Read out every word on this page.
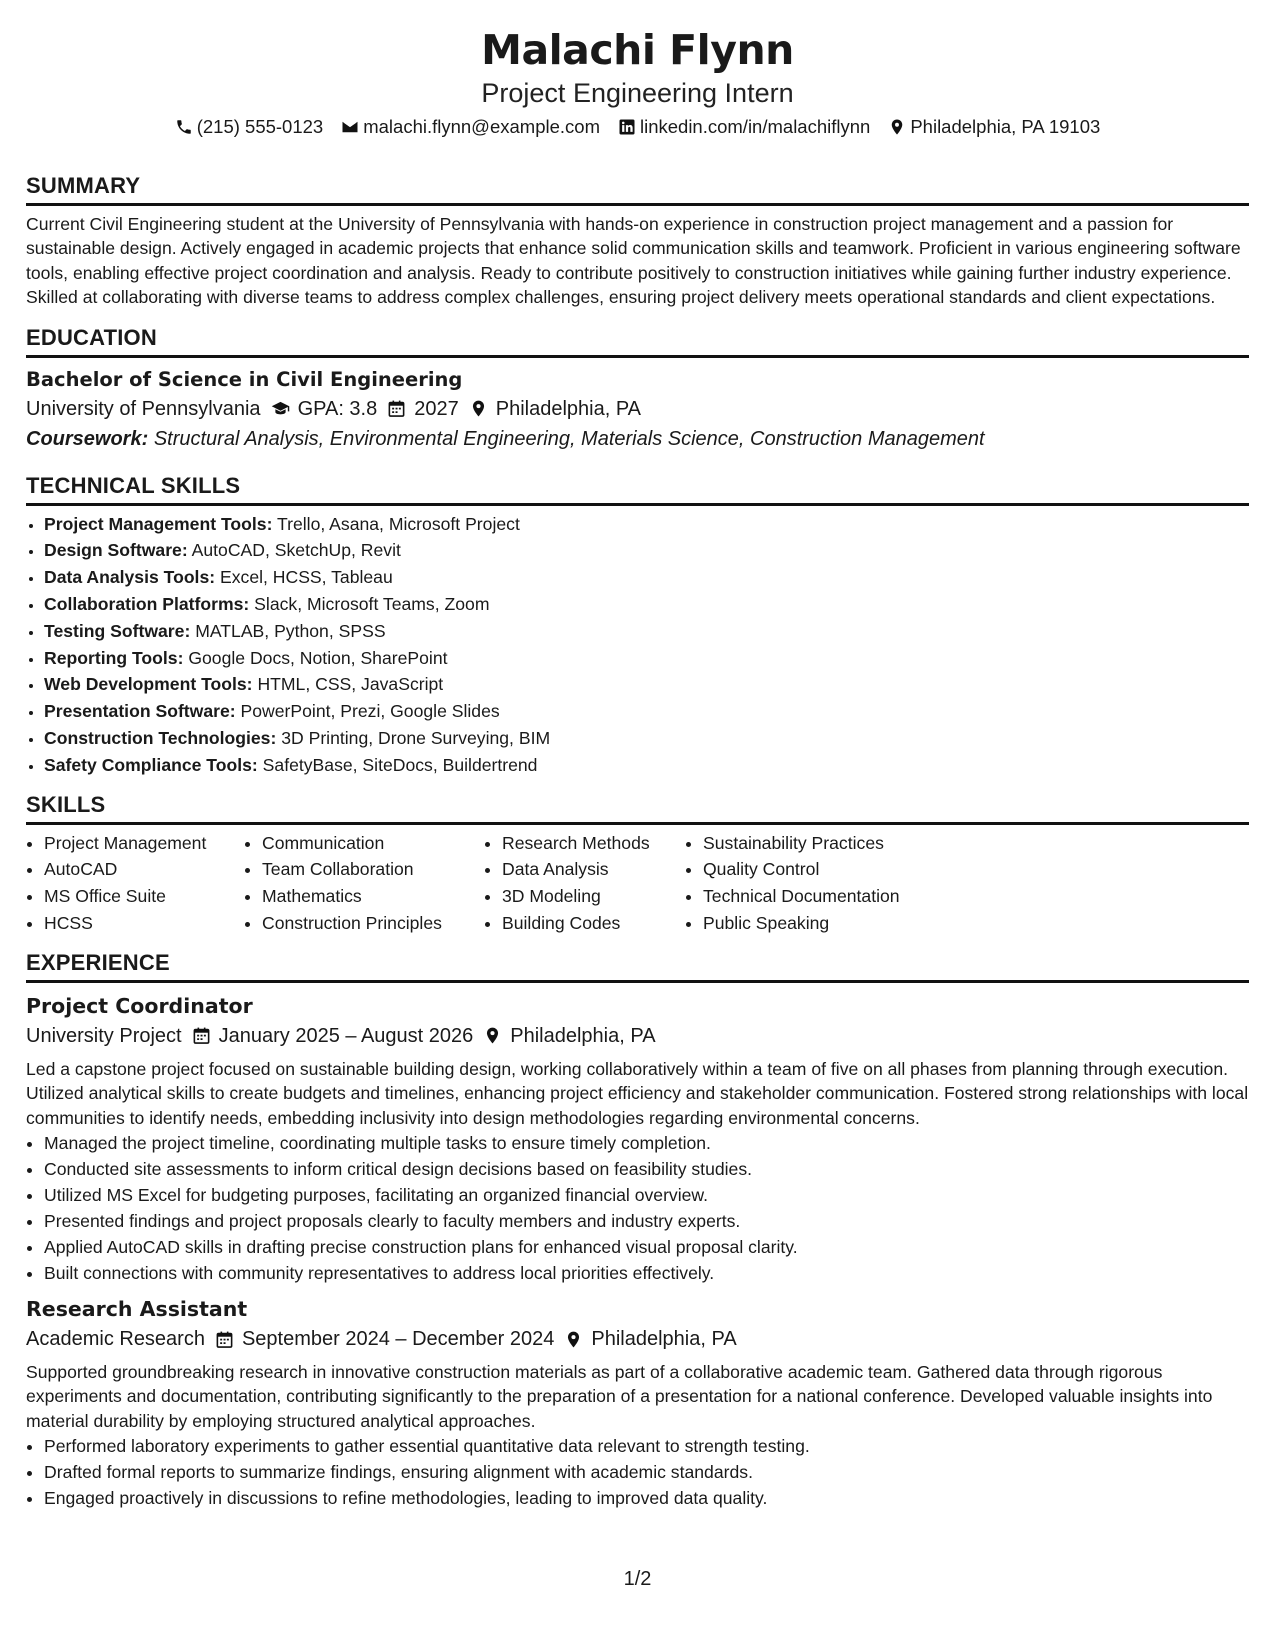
Malachi Flynn
Project Engineering Intern
(215) 555-0123 malachi.flynn@example.com linkedin.com/in/malachiflynn Philadelphia, PA 19103
SUMMARY
Current Civil Engineering student at the University of Pennsylvania with hands-on experience in construction project management and a passion for sustainable design. Actively engaged in academic projects that enhance solid communication skills and teamwork. Proficient in various engineering software tools, enabling effective project coordination and analysis. Ready to contribute positively to construction initiatives while gaining further industry experience. Skilled at collaborating with diverse teams to address complex challenges, ensuring project delivery meets operational standards and client expectations.
EDUCATION
Bachelor of Science in Civil Engineering
University of Pennsylvania GPA: 3.8 2027 Philadelphia, PA
Coursework: Structural Analysis, Environmental Engineering, Materials Science, Construction Management
TECHNICAL SKILLS
• Project Management Tools: Trello, Asana, Microsoft Project
• Design Software: AutoCAD, SketchUp, Revit
• Data Analysis Tools: Excel, HCSS, Tableau
• Collaboration Platforms: Slack, Microsoft Teams, Zoom
• Testing Software: MATLAB, Python, SPSS
• Reporting Tools: Google Docs, Notion, SharePoint
• Web Development Tools: HTML, CSS, JavaScript
• Presentation Software: PowerPoint, Prezi, Google Slides
• Construction Technologies: 3D Printing, Drone Surveying, BIM
• Safety Compliance Tools: SafetyBase, SiteDocs, Buildertrend
SKILLS
• Project Management
• AutoCAD
• MS Office Suite
• HCSS
• Communication
• Team Collaboration
• Mathematics
• Construction Principles
• Research Methods
• Data Analysis
• 3D Modeling
• Building Codes
• Sustainability Practices
• Quality Control
• Technical Documentation
• Public Speaking
EXPERIENCE
Project Coordinator
University Project January 2025 – August 2026 Philadelphia, PA
Led a capstone project focused on sustainable building design, working collaboratively within a team of five on all phases from planning through execution. Utilized analytical skills to create budgets and timelines, enhancing project efficiency and stakeholder communication. Fostered strong relationships with local communities to identify needs, embedding inclusivity into design methodologies regarding environmental concerns.
• Managed the project timeline, coordinating multiple tasks to ensure timely completion.
• Conducted site assessments to inform critical design decisions based on feasibility studies.
• Utilized MS Excel for budgeting purposes, facilitating an organized financial overview.
• Presented findings and project proposals clearly to faculty members and industry experts.
• Applied AutoCAD skills in drafting precise construction plans for enhanced visual proposal clarity.
• Built connections with community representatives to address local priorities effectively.
Research Assistant
Academic Research September 2024 – December 2024 Philadelphia, PA
Supported groundbreaking research in innovative construction materials as part of a collaborative academic team. Gathered data through rigorous experiments and documentation, contributing significantly to the preparation of a presentation for a national conference. Developed valuable insights into material durability by employing structured analytical approaches.
• Performed laboratory experiments to gather essential quantitative data relevant to strength testing.
• Drafted formal reports to summarize findings, ensuring alignment with academic standards.
• Engaged proactively in discussions to refine methodologies, leading to improved data quality.
1/2
